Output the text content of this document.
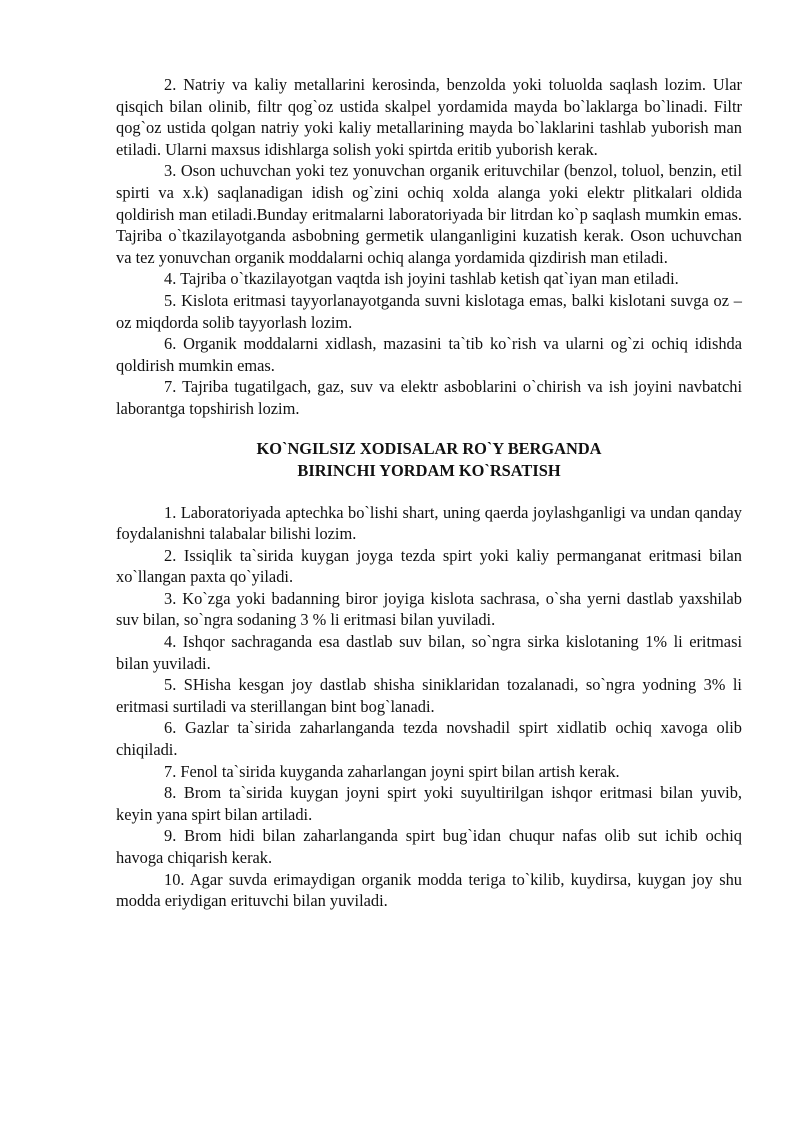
2. Natriy va kaliy metallarini kerosinda, benzolda yoki toluolda saqlash lozim. Ular qisqich bilan olinib, filtr qog`oz ustida skalpel yordamida mayda bo`laklarga bo`linadi. Filtr qog`oz ustida qolgan natriy yoki kaliy metallarining mayda bo`laklarini tashlab yuborish man etiladi. Ularni maxsus idishlarga solish yoki spirtda eritib yuborish kerak.

3. Oson uchuvchan yoki tez yonuvchan organik erituvchilar (benzol, toluol, benzin, etil spirti va x.k) saqlanadigan idish og`zini ochiq xolda alanga yoki elektr plitkalari oldida qoldirish man etiladi.Bunday eritmalarni laboratoriyada bir litrdan ko`p saqlash mumkin emas. Tajriba o`tkazilayotganda asbobning germetik ulanganligini kuzatish kerak. Oson uchuvchan va tez yonuvchan organik moddalarni ochiq alanga yordamida qizdirish man etiladi.

4. Tajriba o`tkazilayotgan vaqtda ish joyini tashlab ketish qat`iyan man etiladi.

5. Kislota eritmasi tayyorlanayotganda suvni kislotaga emas, balki kislotani suvga oz – oz miqdorda solib tayyorlash lozim.

6. Organik moddalarni xidlash, mazasini ta`tib ko`rish va ularni og`zi ochiq idishda qoldirish mumkin emas.

7. Tajriba tugatilgach, gaz, suv va elektr asboblarini o`chirish va ish joyini navbatchi laborantga topshirish lozim.

KO`NGILSIZ XODISALAR RO`Y BERGANDA
BIRINCHI YORDAM KO`RSATISH

1. Laboratoriyada aptechka bo`lishi shart, uning qaerda joylashganligi va undan qanday foydalanishni talabalar bilishi lozim.

2. Issiqlik ta`sirida kuygan joyga tezda spirt yoki kaliy permanganat eritmasi bilan xo`llangan paxta qo`yiladi.

3. Ko`zga yoki badanning biror joyiga kislota sachrasa, o`sha yerni dastlab yaxshilab suv bilan, so`ngra sodaning 3 % li eritmasi bilan yuviladi.

4. Ishqor sachraganda esa dastlab suv bilan, so`ngra sirka kislotaning 1% li eritmasi bilan yuviladi.

5. SHisha kesgan joy dastlab shisha siniklaridan tozalanadi, so`ngra yodning 3% li eritmasi surtiladi va sterillangan bint bog`lanadi.

6. Gazlar ta`sirida zaharlanganda tezda novshadil spirt xidlatib ochiq xavoga olib chiqiladi.

7. Fenol ta`sirida kuyganda zaharlangan joyni spirt bilan artish kerak.

8. Brom ta`sirida kuygan joyni spirt yoki suyultirilgan ishqor eritmasi bilan yuvib, keyin yana spirt bilan artiladi.

9. Brom hidi bilan zaharlanganda spirt bug`idan chuqur nafas olib sut ichib ochiq havoga chiqarish kerak.

10. Agar suvda erimaydigan organik modda teriga to`kilib, kuydirsa, kuygan joy shu modda eriydigan erituvchi bilan yuviladi.
